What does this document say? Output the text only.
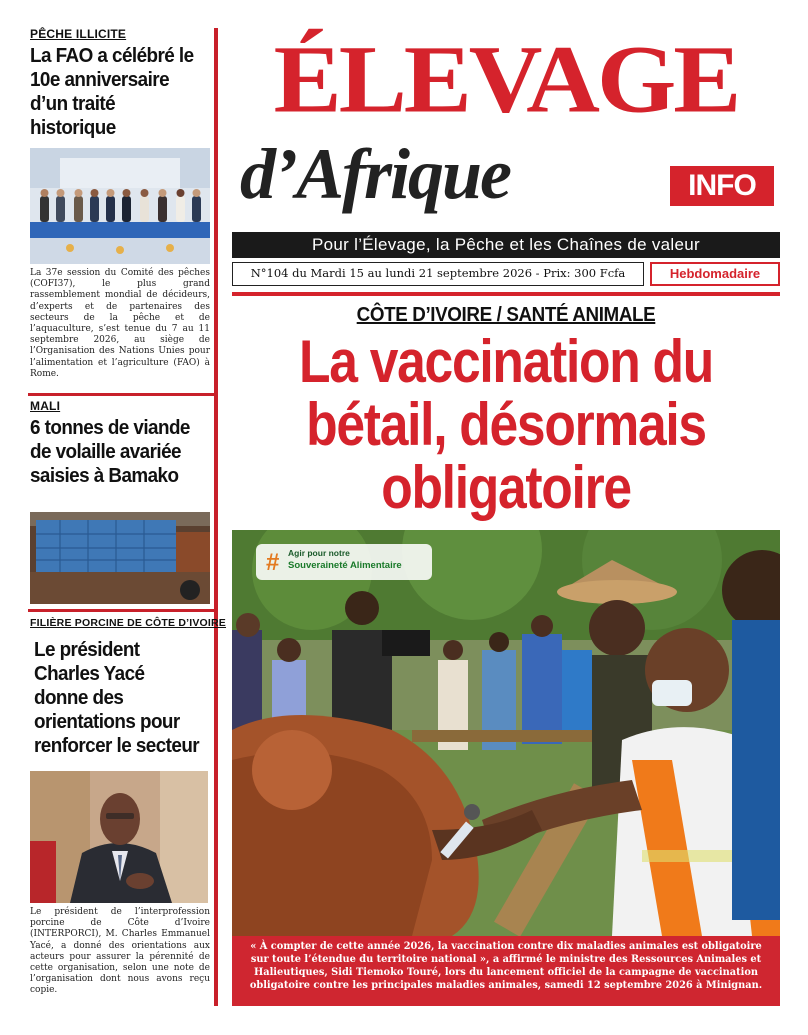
PÊCHE ILLICITE
La FAO a célébré le 10e anniversaire d’un traité historique
La 37e session du Comité des pêches (COFI37), le plus grand rassemblement mondial de décideurs, d’experts et de partenaires des secteurs de la pêche et de l’aquaculture, s’est tenue du 7 au 11 septembre 2026, au siège de l’Organisation des Nations Unies pour l’alimentation et l’agriculture (FAO) à Rome.
MALI
6 tonnes de viande de volaille avariée saisies à Bamako
FILIÈRE PORCINE DE CÔTE D’IVOIRE
Le président Charles Yacé donne des orientations pour renforcer le secteur
Le président de l’interprofession porcine de Côte d’Ivoire (INTERPORCI), M. Charles Emmanuel Yacé, a donné des orientations aux acteurs pour assurer la pérennité de cette organisation, selon une note de l’organisation dont nous avons reçu copie.
ÉLEVAGE
d’Afrique	INFO
Pour l’Élevage, la Pêche et les Chaînes de valeur
N°104 du Mardi 15 au lundi 21 septembre 2026 - Prix: 300 Fcfa	Hebdomadaire
CÔTE D’IVOIRE / SANTÉ ANIMALE
La vaccination du bétail, désormais obligatoire
# Agir pour notre
Souveraineté Alimentaire
« À compter de cette année 2026, la vaccination contre dix maladies animales est obligatoire sur toute l’étendue du territoire national », a affirmé le ministre des Ressources Animales et Halieutiques, Sidi Tiemoko Touré, lors du lancement officiel de la campagne de vaccination obligatoire contre les principales maladies animales, samedi 12 septembre 2026 à Minignan.
